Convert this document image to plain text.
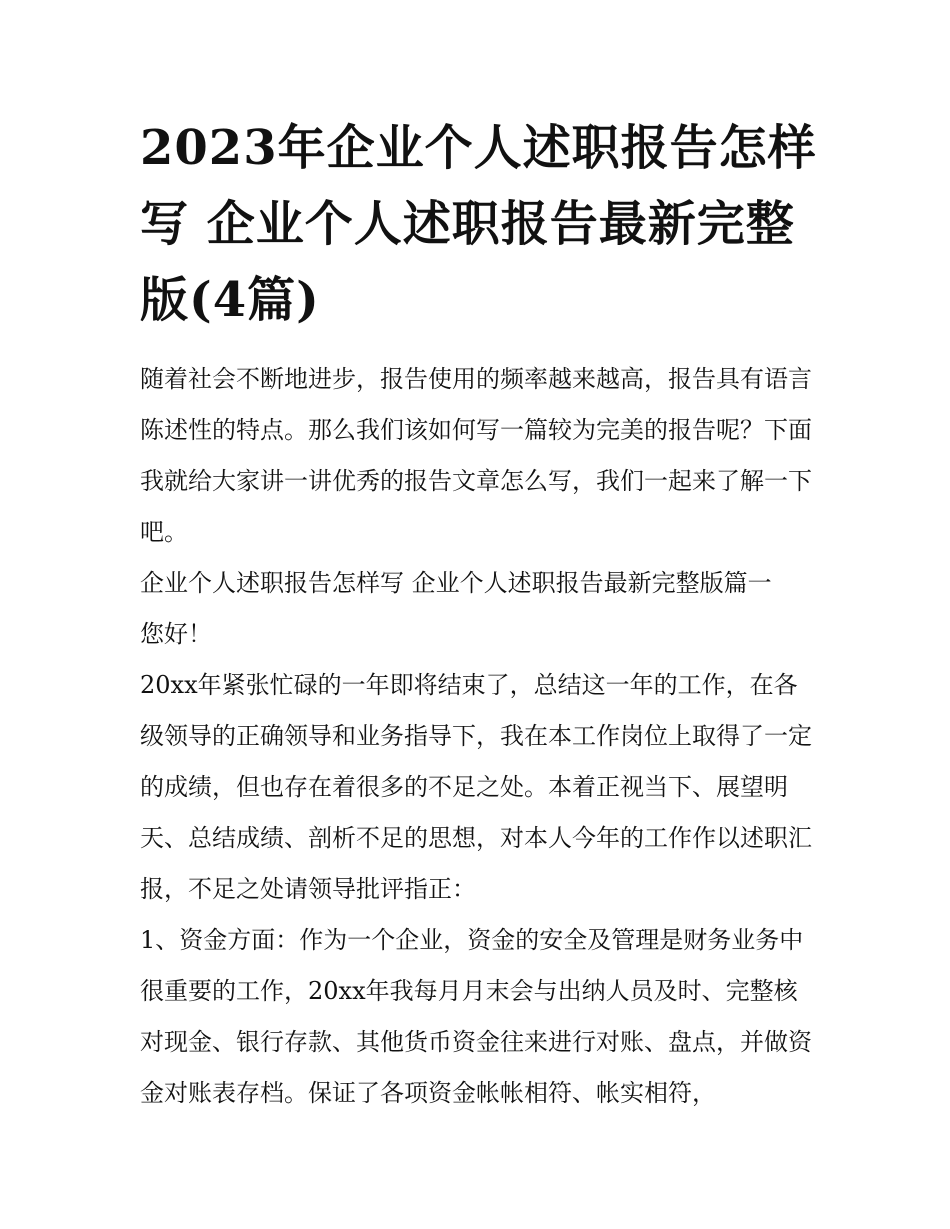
2023年企业个人述职报告怎样写 企业个人述职报告最新完整版(4篇)

随着社会不断地进步，报告使用的频率越来越高，报告具有语言陈述性的特点。那么我们该如何写一篇较为完美的报告呢？下面我就给大家讲一讲优秀的报告文章怎么写，我们一起来了解一下吧。

企业个人述职报告怎样写 企业个人述职报告最新完整版篇一

您好！

20xx年紧张忙碌的一年即将结束了，总结这一年的工作，在各级领导的正确领导和业务指导下，我在本工作岗位上取得了一定的成绩，但也存在着很多的不足之处。本着正视当下、展望明天、总结成绩、剖析不足的思想，对本人今年的工作作以述职汇报，不足之处请领导批评指正：

1、资金方面：作为一个企业，资金的安全及管理是财务业务中很重要的工作，20xx年我每月月末会与出纳人员及时、完整核对现金、银行存款、其他货币资金往来进行对账、盘点，并做资金对账表存档。保证了各项资金帐帐相符、帐实相符，
